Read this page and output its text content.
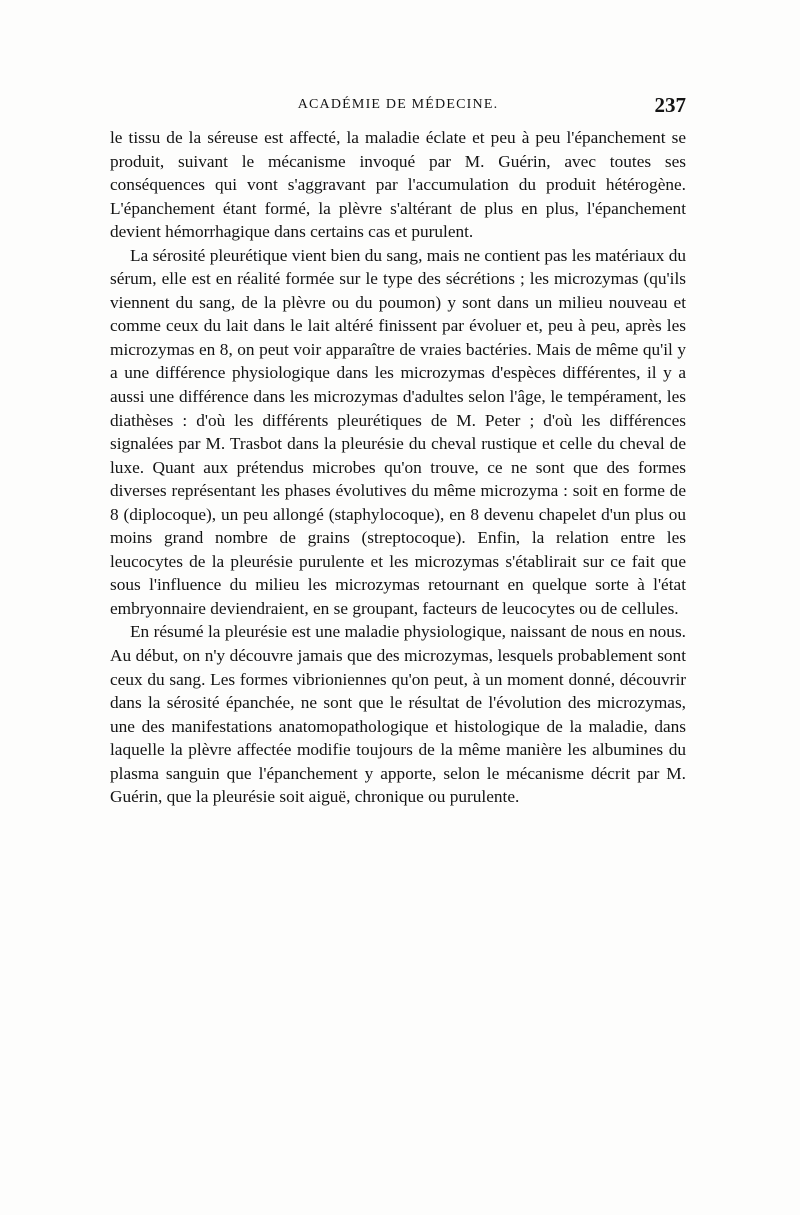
ACADÉMIE DE MÉDECINE.	237

le tissu de la séreuse est affecté, la maladie éclate et peu à peu l'épanchement se produit, suivant le mécanisme invoqué par M. Guérin, avec toutes ses conséquences qui vont s'aggravant par l'accumulation du produit hétérogène. L'épanchement étant formé, la plèvre s'altérant de plus en plus, l'épanchement devient hémorrhagique dans certains cas et purulent.

La sérosité pleurétique vient bien du sang, mais ne contient pas les matériaux du sérum, elle est en réalité formée sur le type des sécrétions ; les microzymas (qu'ils viennent du sang, de la plèvre ou du poumon) y sont dans un milieu nouveau et comme ceux du lait dans le lait altéré finissent par évoluer et, peu à peu, après les microzymas en 8, on peut voir apparaître de vraies bactéries. Mais de même qu'il y a une différence physiologique dans les microzymas d'espèces différentes, il y a aussi une différence dans les microzymas d'adultes selon l'âge, le tempérament, les diathèses : d'où les différents pleurétiques de M. Peter ; d'où les différences signalées par M. Trasbot dans la pleurésie du cheval rustique et celle du cheval de luxe. Quant aux prétendus microbes qu'on trouve, ce ne sont que des formes diverses représentant les phases évolutives du même microzyma : soit en forme de 8 (diplocoque), un peu allongé (staphylocoque), en 8 devenu chapelet d'un plus ou moins grand nombre de grains (streptocoque). Enfin, la relation entre les leucocytes de la pleurésie purulente et les microzymas s'établirait sur ce fait que sous l'influence du milieu les microzymas retournant en quelque sorte à l'état embryonnaire deviendraient, en se groupant, facteurs de leucocytes ou de cellules.

En résumé la pleurésie est une maladie physiologique, naissant de nous en nous. Au début, on n'y découvre jamais que des microzymas, lesquels probablement sont ceux du sang. Les formes vibrioniennes qu'on peut, à un moment donné, découvrir dans la sérosité épanchée, ne sont que le résultat de l'évolution des microzymas, une des manifestations anatomopathologique et histologique de la maladie, dans laquelle la plèvre affectée modifie toujours de la même manière les albumines du plasma sanguin que l'épanchement y apporte, selon le mécanisme décrit par M. Guérin, que la pleurésie soit aiguë, chronique ou purulente.
